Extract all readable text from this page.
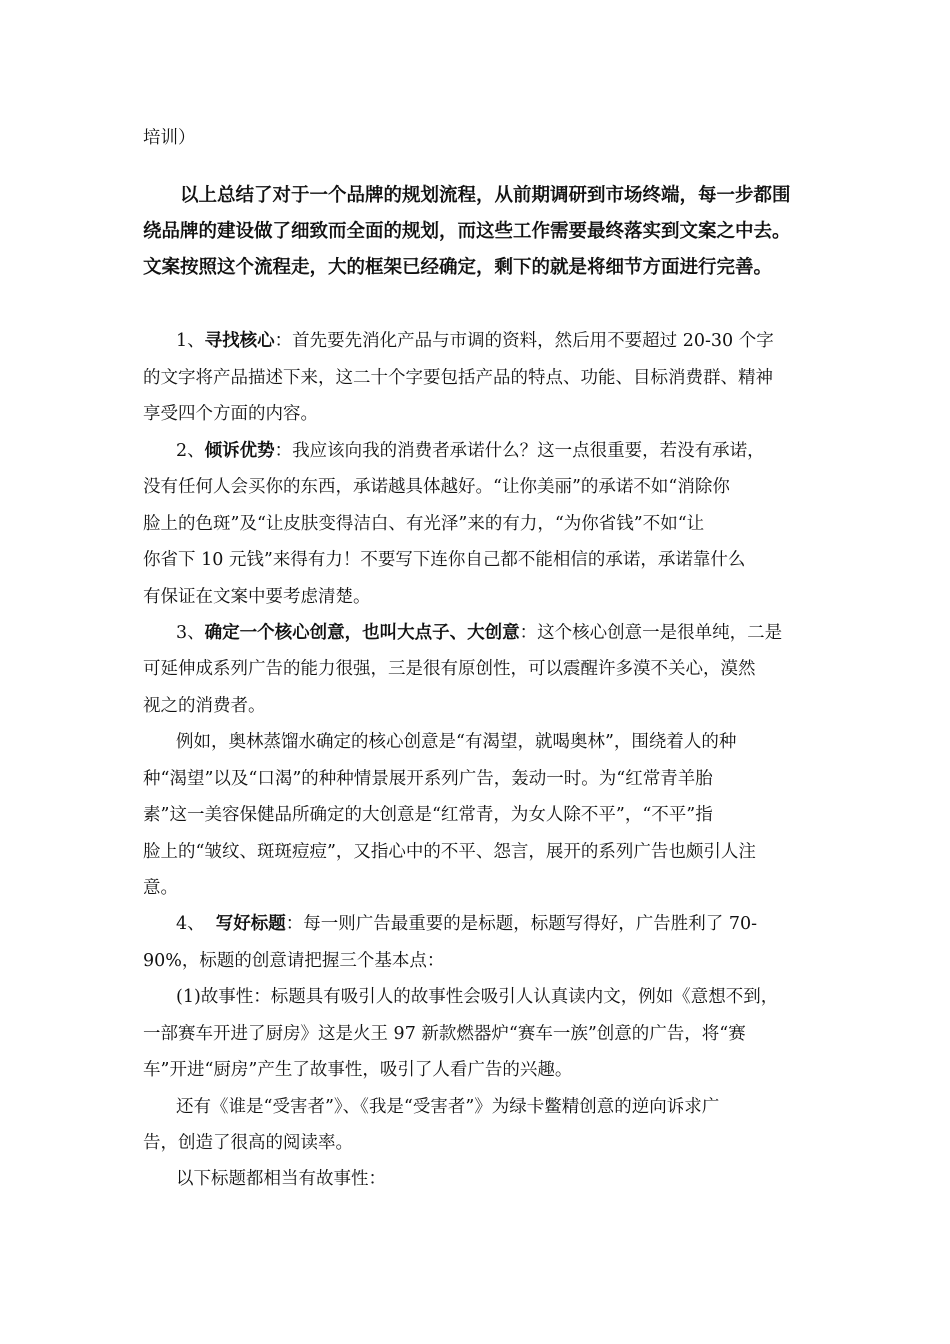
培训）
以上总结了对于一个品牌的规划流程，从前期调研到市场终端，每一步都围
绕品牌的建设做了细致而全面的规划，而这些工作需要最终落实到文案之中去。
文案按照这个流程走，大的框架已经确定，剩下的就是将细节方面进行完善。
1、寻找核心：首先要先消化产品与市调的资料，然后用不要超过 20-30 个字
的文字将产品描述下来，这二十个字要包括产品的特点、功能、目标消费群、精神
享受四个方面的内容。
2、倾诉优势：我应该向我的消费者承诺什么？这一点很重要，若没有承诺，
没有任何人会买你的东西，承诺越具体越好。“让你美丽”的承诺不如“消除你
脸上的色斑”及“让皮肤变得洁白、有光泽”来的有力，“为你省钱”不如“让
你省下 10 元钱”来得有力！不要写下连你自己都不能相信的承诺，承诺靠什么
有保证在文案中要考虑清楚。
3、确定一个核心创意，也叫大点子、大创意：这个核心创意一是很单纯，二是
可延伸成系列广告的能力很强，三是很有原创性，可以震醒许多漠不关心，漠然
视之的消费者。
例如，奥林蒸馏水确定的核心创意是“有渴望，就喝奥林”，围绕着人的种
种“渴望”以及“口渴”的种种情景展开系列广告，轰动一时。为“红常青羊胎
素”这一美容保健品所确定的大创意是“红常青，为女人除不平”，“不平”指
脸上的“皱纹、斑斑痘痘”，又指心中的不平、怨言，展开的系列广告也颇引人注
意。
4、 写好标题：每一则广告最重要的是标题，标题写得好，广告胜利了 70-
90%，标题的创意请把握三个基本点：
(1)故事性：标题具有吸引人的故事性会吸引人认真读内文，例如《意想不到，
一部赛车开进了厨房》这是火王 97 新款燃器炉“赛车一族”创意的广告，将“赛
车”开进“厨房”产生了故事性，吸引了人看广告的兴趣。
还有《谁是“受害者”》、《我是“受害者”》为绿卡鳖精创意的逆向诉求广
告，创造了很高的阅读率。
以下标题都相当有故事性：
